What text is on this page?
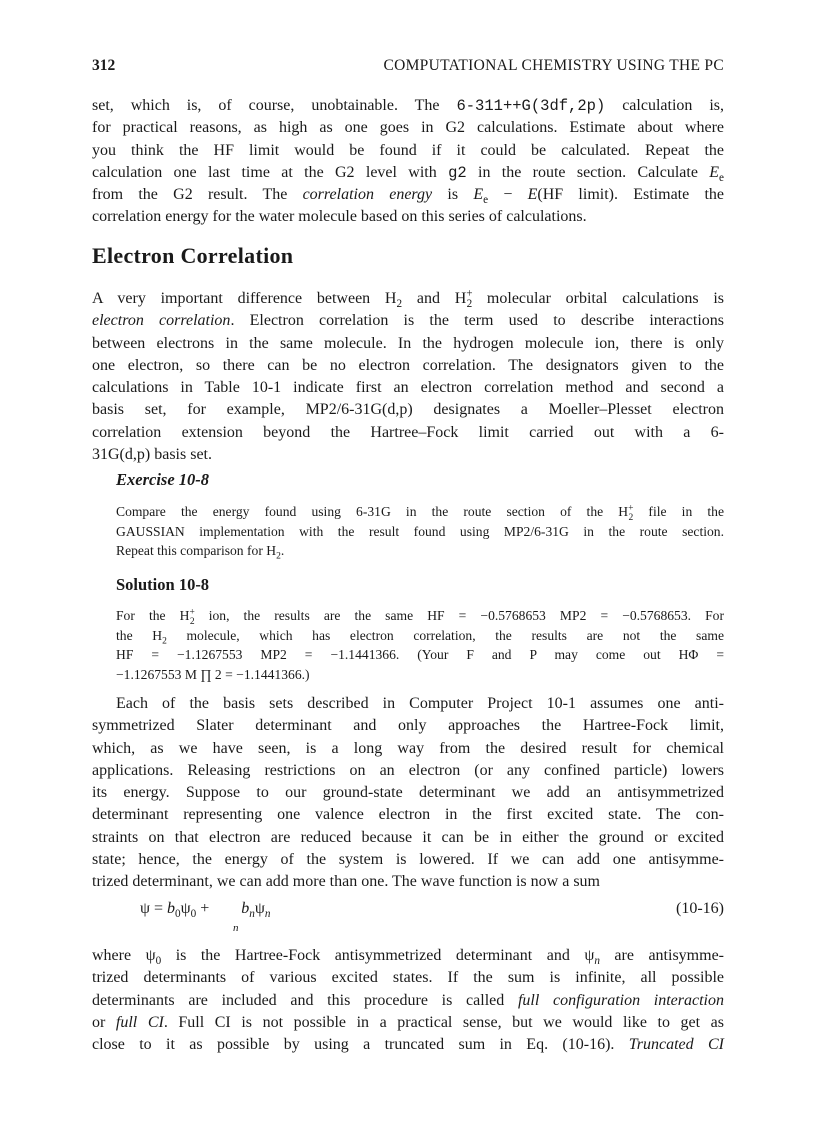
312	COMPUTATIONAL CHEMISTRY USING THE PC
set, which is, of course, unobtainable. The 6-311++G(3df,2p) calculation is,
for practical reasons, as high as one goes in G2 calculations. Estimate about where
you think the HF limit would be found if it could be calculated. Repeat the
calculation one last time at the G2 level with g2 in the route section. Calculate $E_e$
from the G2 result. The correlation energy is $E_e - E(HF$ limit). Estimate the
correlation energy for the water molecule based on this series of calculations.
Electron Correlation
A very important difference between $H_2$ and $H^+_2$ molecular orbital calculations is
electron correlation. Electron correlation is the term used to describe interactions
between electrons in the same molecule. In the hydrogen molecule ion, there is only
one electron, so there can be no electron correlation. The designators given to the
calculations in Table 10-1 indicate first an electron correlation method and second a
basis set, for example, MP2/6-31G(d,p) designates a Moeller–Plesset electron
correlation extension beyond the Hartree–Fock limit carried out with a 6-
31G(d,p) basis set.
Exercise 10-8
Compare the energy found using 6-31G in the route section of the $H^+_2$ file in the
GAUSSIAN implementation with the result found using MP2/6-31G in the route section.
Repeat this comparison for $H_2$.
Solution 10-8
For the $H^+_2$ ion, the results are the same HF = −0.5768653 MP2 = −0.5768653. For
the $H_2$ molecule, which has electron correlation, the results are not the same
HF = −1.1267553 MP2 = −1.1441366. (Your F and P may come out HΦ =
−1.1267553 M ∏ 2 = −1.1441366.)
Each of the basis sets described in Computer Project 10-1 assumes one anti-
symmetrized Slater determinant and only approaches the Hartree-Fock limit,
which, as we have seen, is a long way from the desired result for chemical
applications. Releasing restrictions on an electron (or any confined particle) lowers
its energy. Suppose to our ground-state determinant we add an antisymmetrized
determinant representing one valence electron in the first excited state. The con-
straints on that electron are reduced because it can be in either the ground or excited
state; hence, the energy of the system is lowered. If we can add one antisymme-
trized determinant, we can add more than one. The wave function is now a sum
$\psi = b_0\psi_0 + b_n\psi_n$
n
(10-16)
where $\psi_0$ is the Hartree-Fock antisymmetrized determinant and $\psi_n$ are antisymme-
trized determinants of various excited states. If the sum is infinite, all possible
determinants are included and this procedure is called full configuration interaction
or full CI. Full CI is not possible in a practical sense, but we would like to get as
close to it as possible by using a truncated sum in Eq. (10-16). Truncated CI
